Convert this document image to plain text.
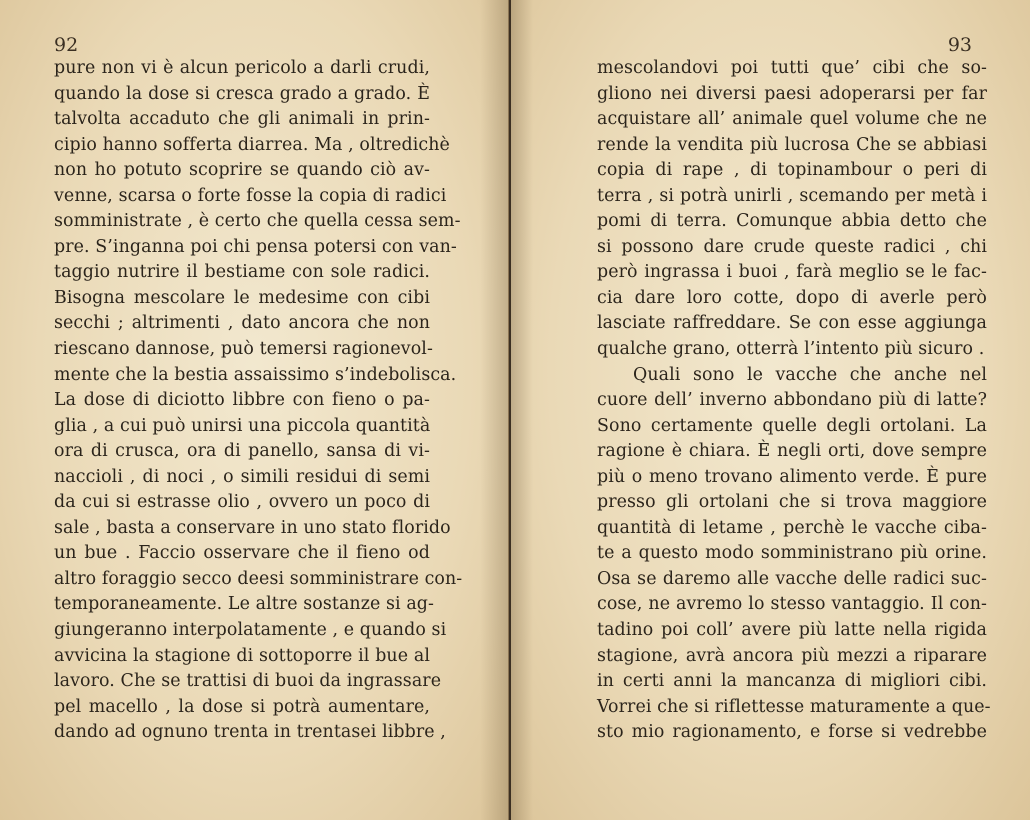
92
pure non vi è alcun pericolo a darli crudi,
quando la dose si cresca grado a grado. È
talvolta accaduto che gli animali in prin-
cipio hanno sofferta diarrea. Ma , oltredichè
non ho potuto scoprire se quando ciò av-
venne, scarsa o forte fosse la copia di radici
somministrate , è certo che quella cessa sem-
pre. S’inganna poi chi pensa potersi con van-
taggio nutrire il bestiame con sole radici.
Bisogna mescolare le medesime con cibi
secchi ; altrimenti , dato ancora che non
riescano dannose, può temersi ragionevol-
mente che la bestia assaissimo s’indebolisca.
La dose di diciotto libbre con fieno o pa-
glia , a cui può unirsi una piccola quantità
ora di crusca, ora di panello, sansa di vi-
naccioli , di noci , o simili residui di semi
da cui si estrasse olio , ovvero un poco di
sale , basta a conservare in uno stato florido
un bue . Faccio osservare che il fieno od
altro foraggio secco deesi somministrare con-
temporaneamente. Le altre sostanze si ag-
giungeranno interpolatamente , e quando si
avvicina la stagione di sottoporre il bue al
lavoro. Che se trattisi di buoi da ingrassare
pel macello , la dose si potrà aumentare,
dando ad ognuno trenta in trentasei libbre ,
93
mescolandovi poi tutti que’ cibi che so-
gliono nei diversi paesi adoperarsi per far
acquistare all’ animale quel volume che ne
rende la vendita più lucrosa Che se abbiasi
copia di rape , di topinambour o peri di
terra , si potrà unirli , scemando per metà i
pomi di terra. Comunque abbia detto che
si possono dare crude queste radici , chi
però ingrassa i buoi , farà meglio se le fac-
cia dare loro cotte, dopo di averle però
lasciate raffreddare. Se con esse aggiunga
qualche grano, otterrà l’intento più sicuro .
Quali sono le vacche che anche nel
cuore dell’ inverno abbondano più di latte?
Sono certamente quelle degli ortolani. La
ragione è chiara. È negli orti, dove sempre
più o meno trovano alimento verde. È pure
presso gli ortolani che si trova maggiore
quantità di letame , perchè le vacche ciba-
te a questo modo somministrano più orine.
Osa se daremo alle vacche delle radici suc-
cose, ne avremo lo stesso vantaggio. Il con-
tadino poi coll’ avere più latte nella rigida
stagione, avrà ancora più mezzi a riparare
in certi anni la mancanza di migliori cibi.
Vorrei che si riflettesse maturamente a que-
sto mio ragionamento, e forse si vedrebbe
